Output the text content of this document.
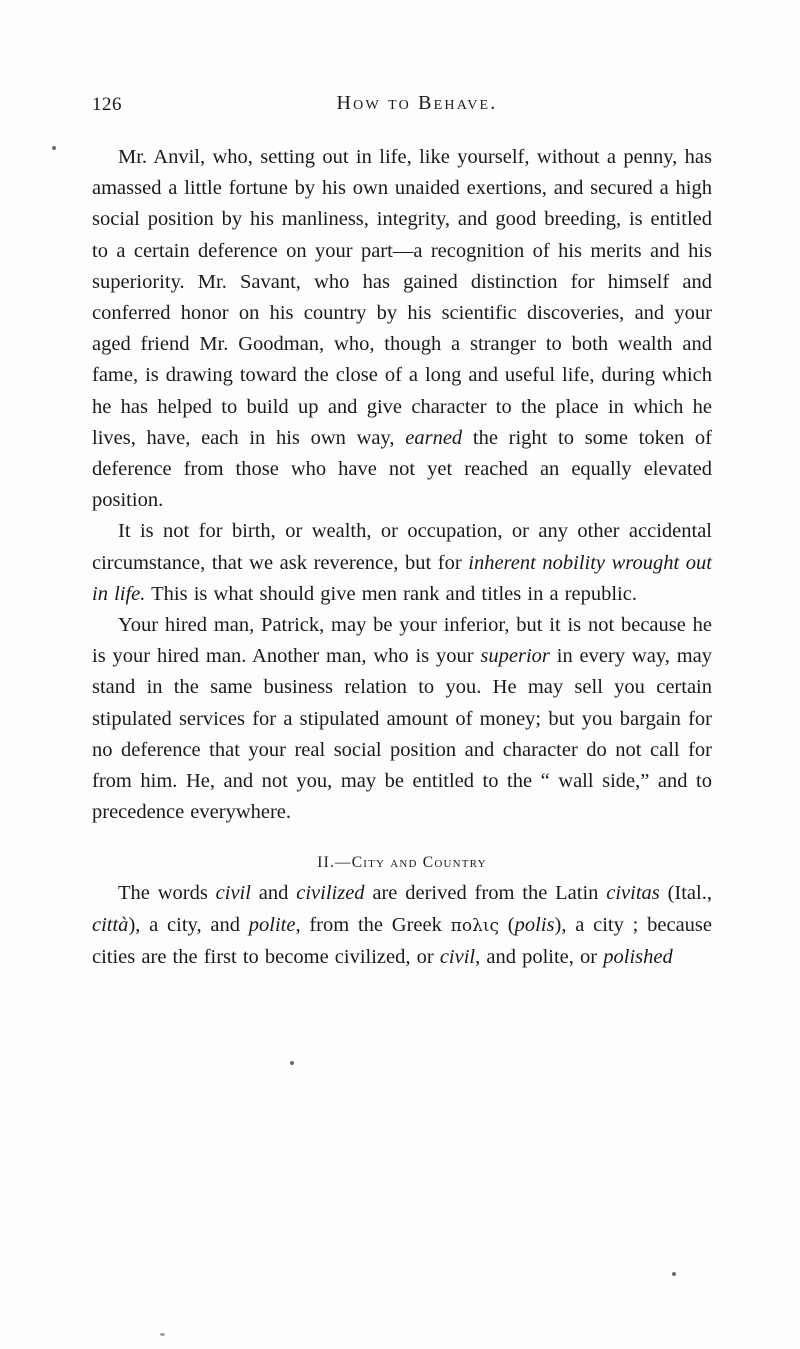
126	How to Behave.

Mr. Anvil, who, setting out in life, like yourself, without a penny, has amassed a little fortune by his own unaided exertions, and secured a high social position by his manliness, integrity, and good breeding, is entitled to a certain deference on your part—a recognition of his merits and his superiority. Mr. Savant, who has gained distinction for himself and conferred honor on his country by his scientific discoveries, and your aged friend Mr. Goodman, who, though a stranger to both wealth and fame, is drawing toward the close of a long and useful life, during which he has helped to build up and give character to the place in which he lives, have, each in his own way, earned the right to some token of deference from those who have not yet reached an equally elevated position.

It is not for birth, or wealth, or occupation, or any other accidental circumstance, that we ask reverence, but for inherent nobility wrought out in life. This is what should give men rank and titles in a republic.

Your hired man, Patrick, may be your inferior, but it is not because he is your hired man. Another man, who is your superior in every way, may stand in the same business relation to you. He may sell you certain stipulated services for a stipulated amount of money; but you bargain for no deference that your real social position and character do not call for from him. He, and not you, may be entitled to the “ wall side,” and to precedence everywhere.

II.—City and Country

The words civil and civilized are derived from the Latin civitas (Ital., città), a city, and polite, from the Greek πολις (polis), a city ; because cities are the first to become civilized, or civil, and polite, or polished
